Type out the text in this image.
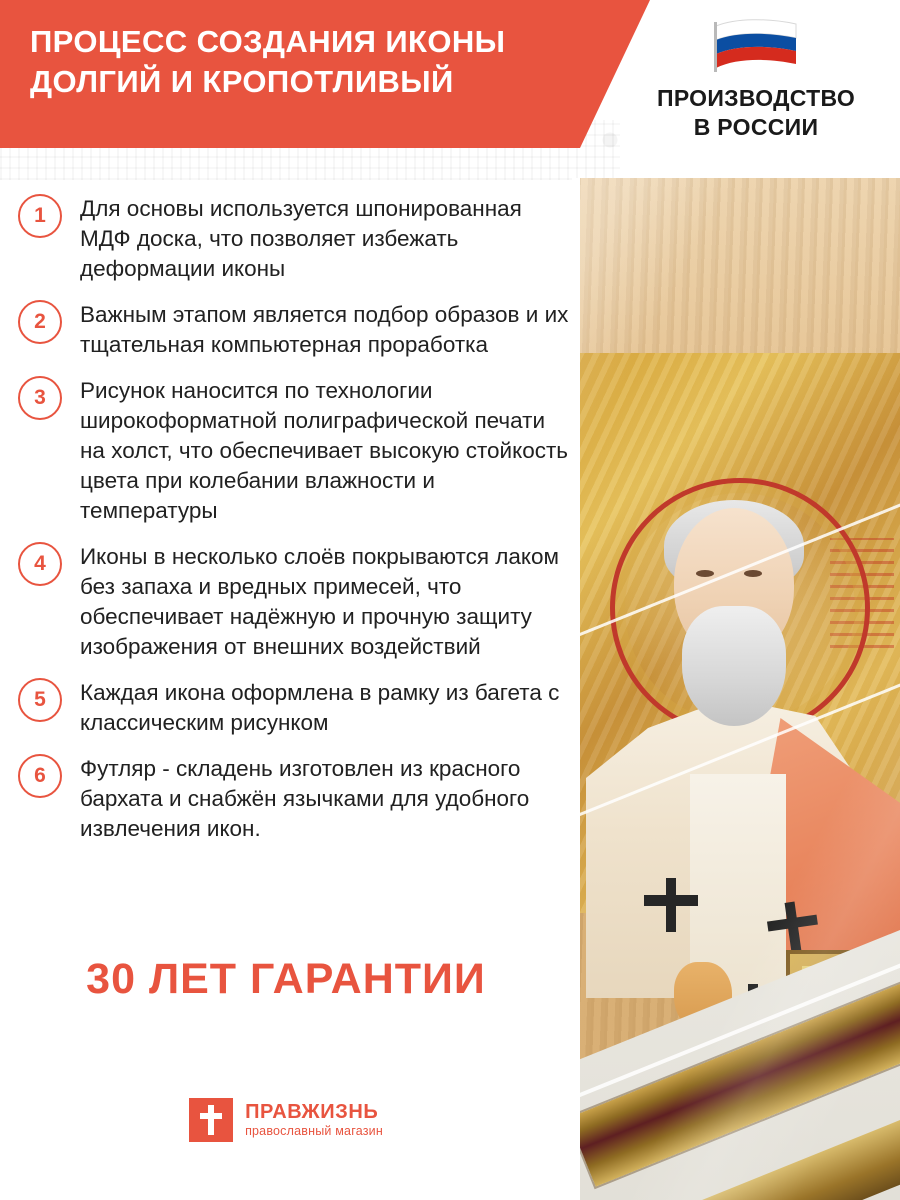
ПРОЦЕСС СОЗДАНИЯ ИКОНЫ
ДОЛГИЙ И КРОПОТЛИВЫЙ	ПРОИЗВОДСТВО
В РОССИИ
1	Для основы используется шпонированная МДФ доска, что позволяет избежать деформации иконы
2	Важным этапом является подбор образов и их тщательная компьютерная проработка
3	Рисунок наносится по технологии широкоформатной полиграфической печати на холст, что обеспечивает высокую стойкость цвета при колебании влажности и температуры
4	Иконы в несколько слоёв покрываются лаком без запаха и вредных примесей, что обеспечивает надёжную и прочную защиту изображения от внешних воздействий
5	Каждая икона оформлена в рамку из багета с классическим рисунком
6	Футляр - складень изготовлен из красного бархата и снабжён язычками для удобного извлечения икон.
30 ЛЕТ ГАРАНТИИ
ПРАВЖИЗНЬ
православный магазин
